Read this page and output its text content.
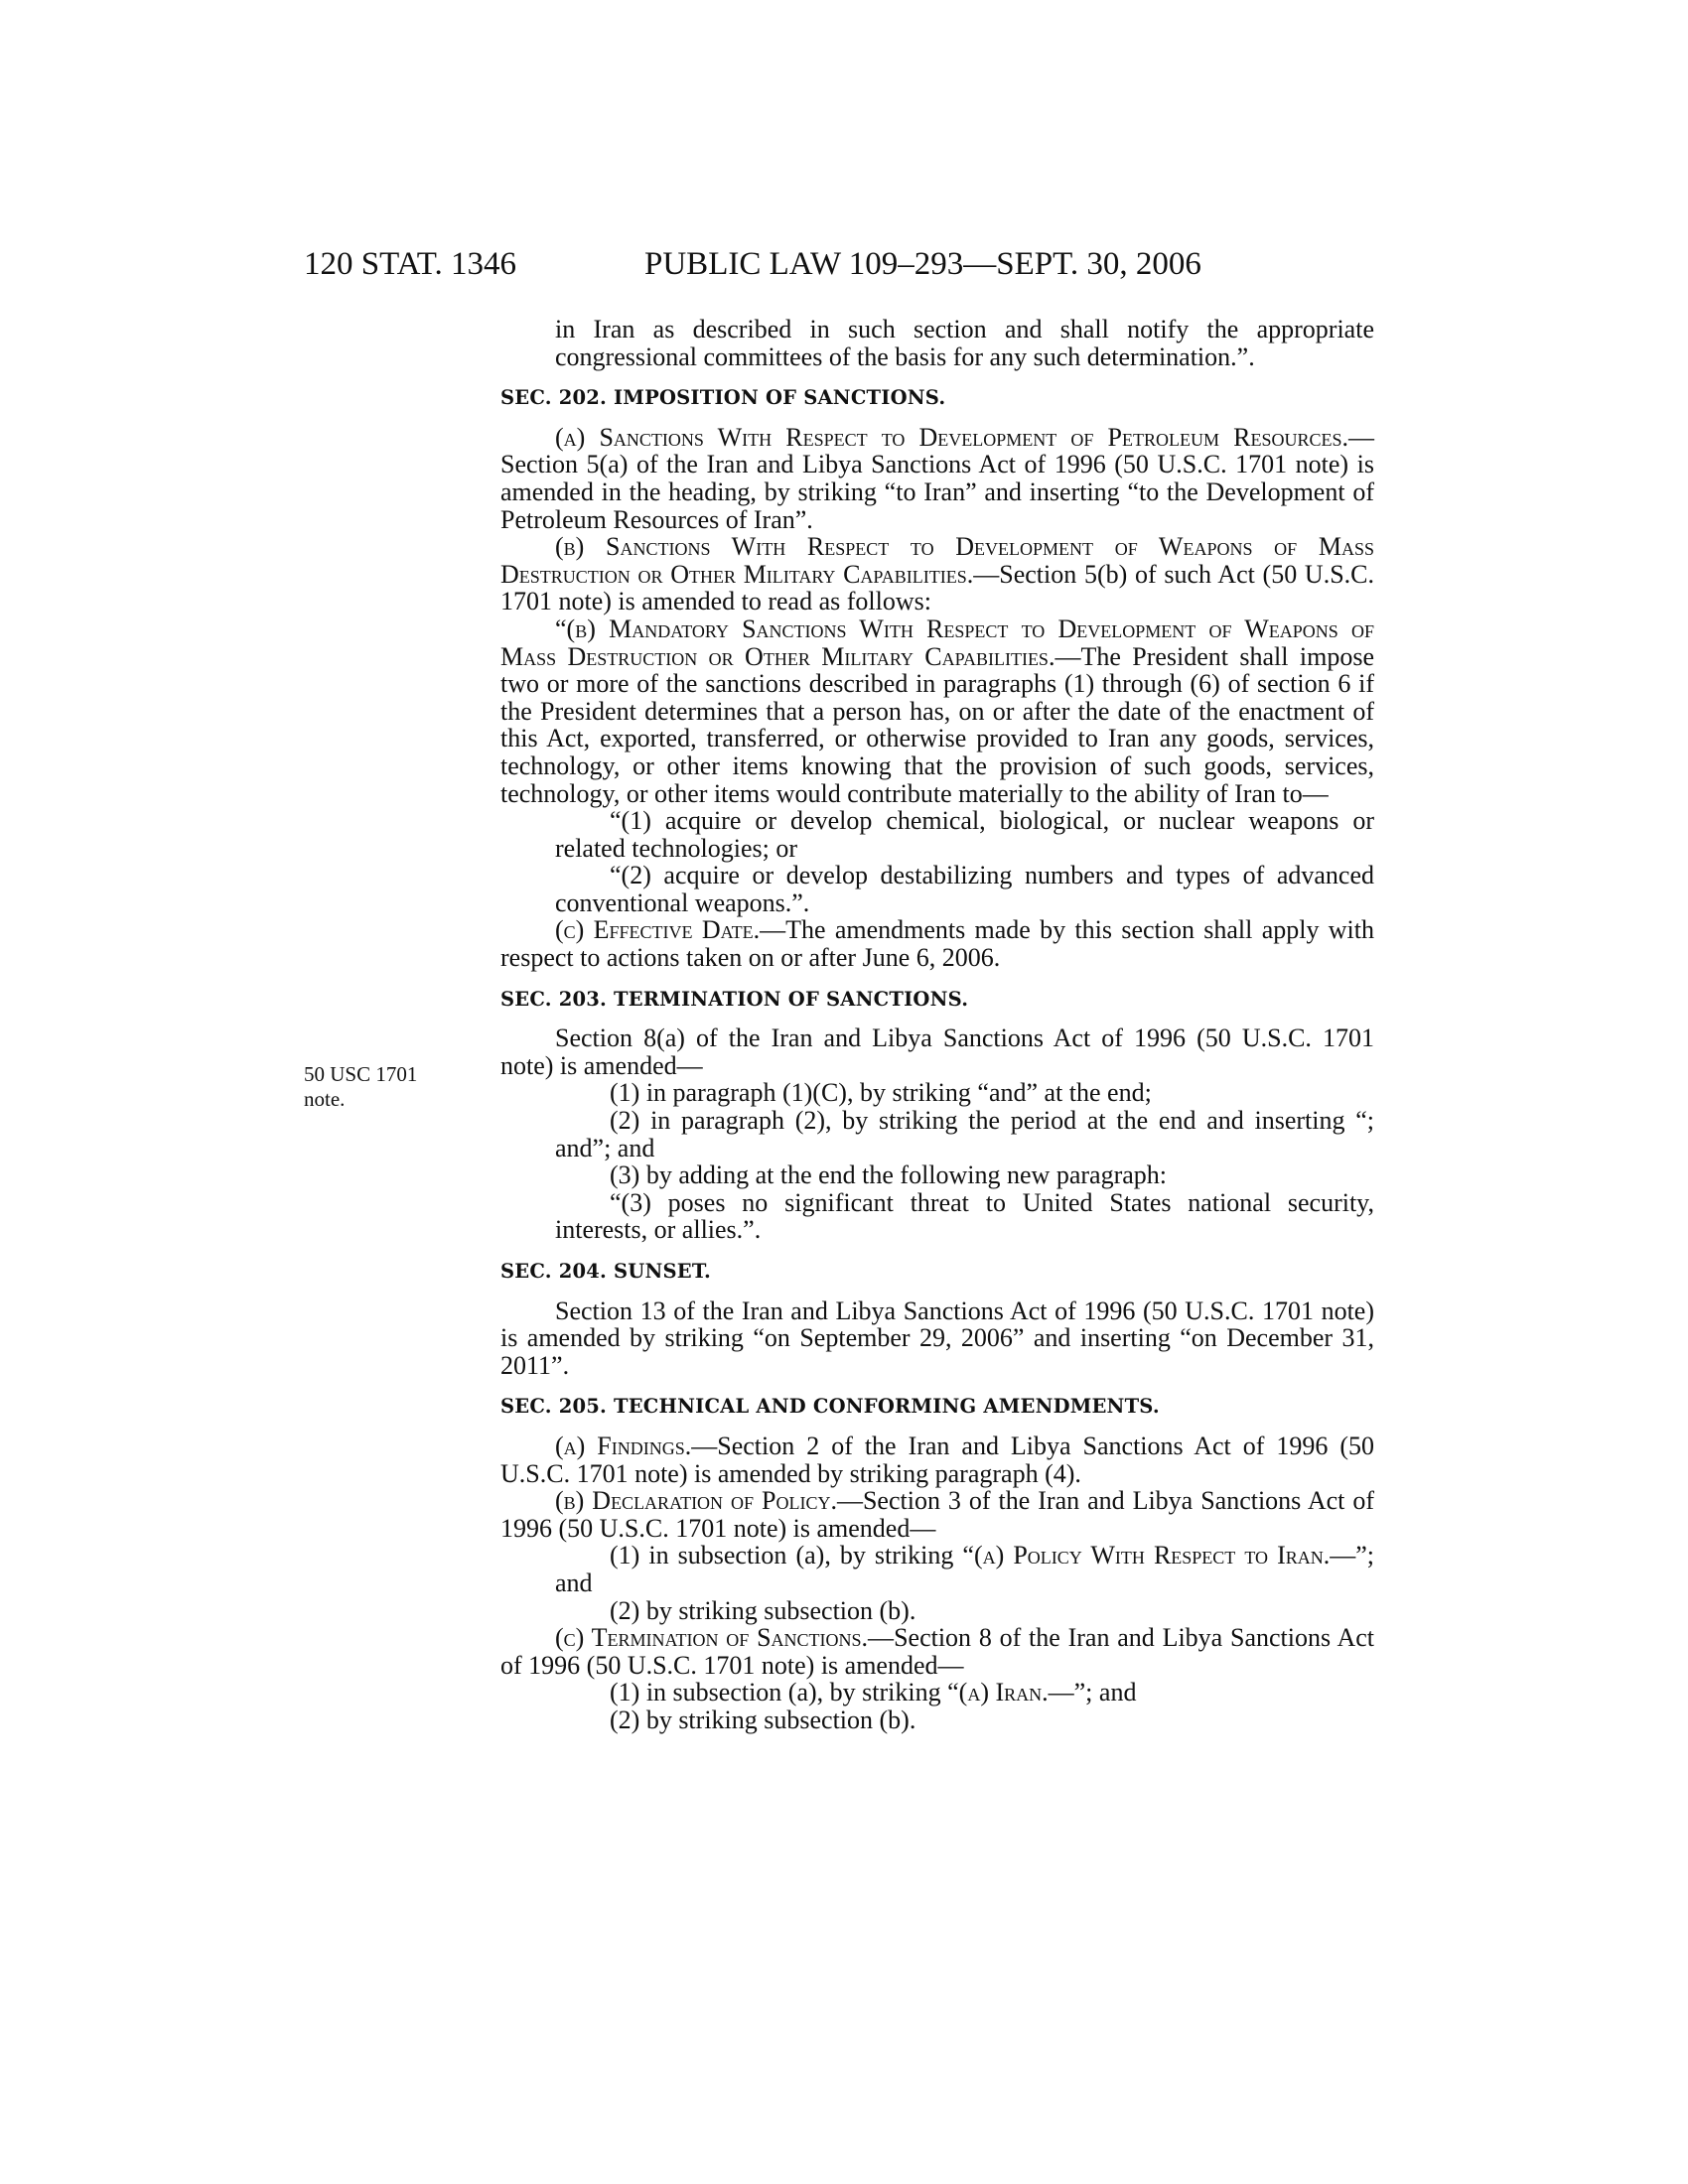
120 STAT. 1346	PUBLIC LAW 109–293—SEPT. 30, 2006
50 USC 1701
note.

in Iran as described in such section and shall notify the appropriate congressional committees of the basis for any such determination.”.

SEC. 202. IMPOSITION OF SANCTIONS.

(a) Sanctions With Respect to Development of Petroleum Resources.—Section 5(a) of the Iran and Libya Sanctions Act of 1996 (50 U.S.C. 1701 note) is amended in the heading, by striking “to Iran” and inserting “to the Development of Petroleum Resources of Iran”.

(b) Sanctions With Respect to Development of Weapons of Mass Destruction or Other Military Capabilities.—Section 5(b) of such Act (50 U.S.C. 1701 note) is amended to read as follows:

“(b) Mandatory Sanctions With Respect to Development of Weapons of Mass Destruction or Other Military Capabilities.—The President shall impose two or more of the sanctions described in paragraphs (1) through (6) of section 6 if the President determines that a person has, on or after the date of the enactment of this Act, exported, transferred, or otherwise provided to Iran any goods, services, technology, or other items knowing that the provision of such goods, services, technology, or other items would contribute materially to the ability of Iran to—

“(1) acquire or develop chemical, biological, or nuclear weapons or related technologies; or

“(2) acquire or develop destabilizing numbers and types of advanced conventional weapons.”.

(c) Effective Date.—The amendments made by this section shall apply with respect to actions taken on or after June 6, 2006.

SEC. 203. TERMINATION OF SANCTIONS.

Section 8(a) of the Iran and Libya Sanctions Act of 1996 (50 U.S.C. 1701 note) is amended—

(1) in paragraph (1)(C), by striking “and” at the end;

(2) in paragraph (2), by striking the period at the end and inserting “; and”; and

(3) by adding at the end the following new paragraph:

“(3) poses no significant threat to United States national security, interests, or allies.”.

SEC. 204. SUNSET.

Section 13 of the Iran and Libya Sanctions Act of 1996 (50 U.S.C. 1701 note) is amended by striking “on September 29, 2006” and inserting “on December 31, 2011”.

SEC. 205. TECHNICAL AND CONFORMING AMENDMENTS.

(a) Findings.—Section 2 of the Iran and Libya Sanctions Act of 1996 (50 U.S.C. 1701 note) is amended by striking paragraph (4).

(b) Declaration of Policy.—Section 3 of the Iran and Libya Sanctions Act of 1996 (50 U.S.C. 1701 note) is amended—

(1) in subsection (a), by striking “(a) Policy With Respect to Iran.—”; and

(2) by striking subsection (b).

(c) Termination of Sanctions.—Section 8 of the Iran and Libya Sanctions Act of 1996 (50 U.S.C. 1701 note) is amended—

(1) in subsection (a), by striking “(a) Iran.—”; and

(2) by striking subsection (b).
